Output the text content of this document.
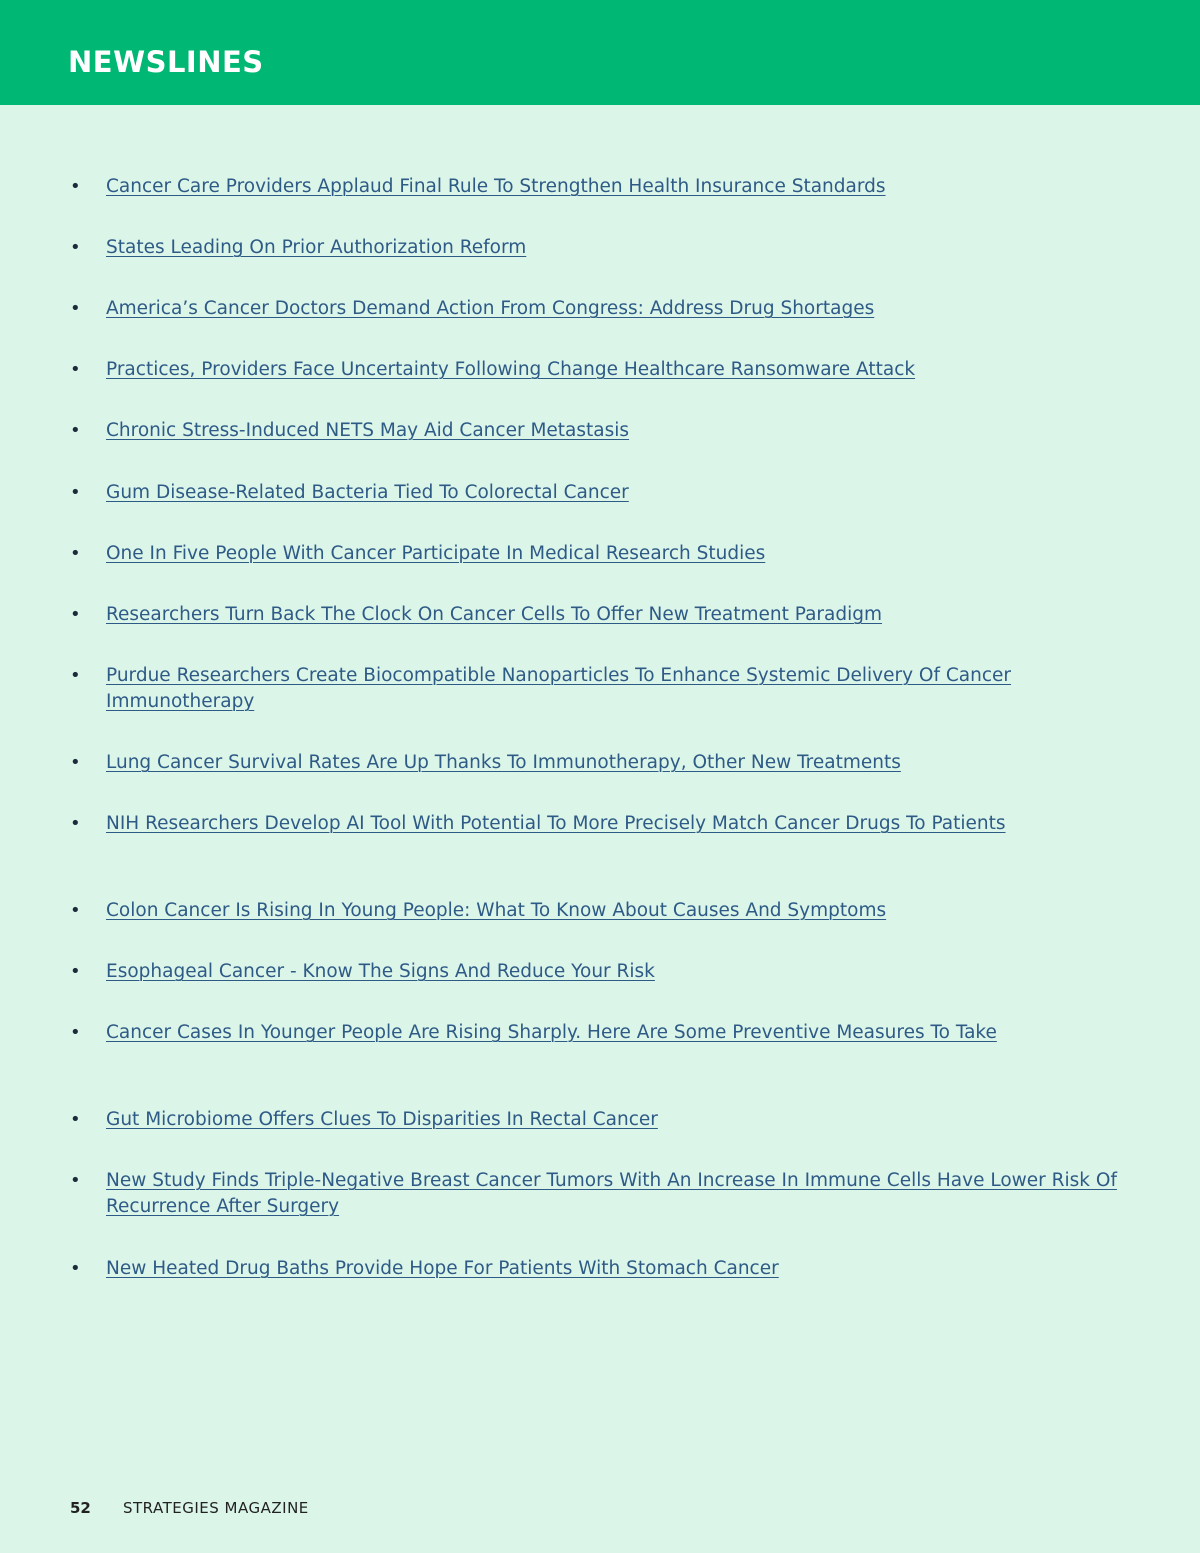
NEWSLINES
• Cancer Care Providers Applaud Final Rule To Strengthen Health Insurance Standards
• States Leading On Prior Authorization Reform
• America’s Cancer Doctors Demand Action From Congress: Address Drug Shortages
• Practices, Providers Face Uncertainty Following Change Healthcare Ransomware Attack
• Chronic Stress-Induced NETS May Aid Cancer Metastasis
• Gum Disease-Related Bacteria Tied To Colorectal Cancer
• One In Five People With Cancer Participate In Medical Research Studies
• Researchers Turn Back The Clock On Cancer Cells To Offer New Treatment Paradigm
• Purdue Researchers Create Biocompatible Nanoparticles To Enhance Systemic Delivery Of Cancer Immunotherapy
• Lung Cancer Survival Rates Are Up Thanks To Immunotherapy, Other New Treatments
• NIH Researchers Develop AI Tool With Potential To More Precisely Match Cancer Drugs To Patients
• Colon Cancer Is Rising In Young People: What To Know About Causes And Symptoms
• Esophageal Cancer - Know The Signs And Reduce Your Risk
• Cancer Cases In Younger People Are Rising Sharply. Here Are Some Preventive Measures To Take
• Gut Microbiome Offers Clues To Disparities In Rectal Cancer
• New Study Finds Triple-Negative Breast Cancer Tumors With An Increase In Immune Cells Have Lower Risk Of Recurrence After Surgery
• New Heated Drug Baths Provide Hope For Patients With Stomach Cancer
52 STRATEGIES MAGAZINE
